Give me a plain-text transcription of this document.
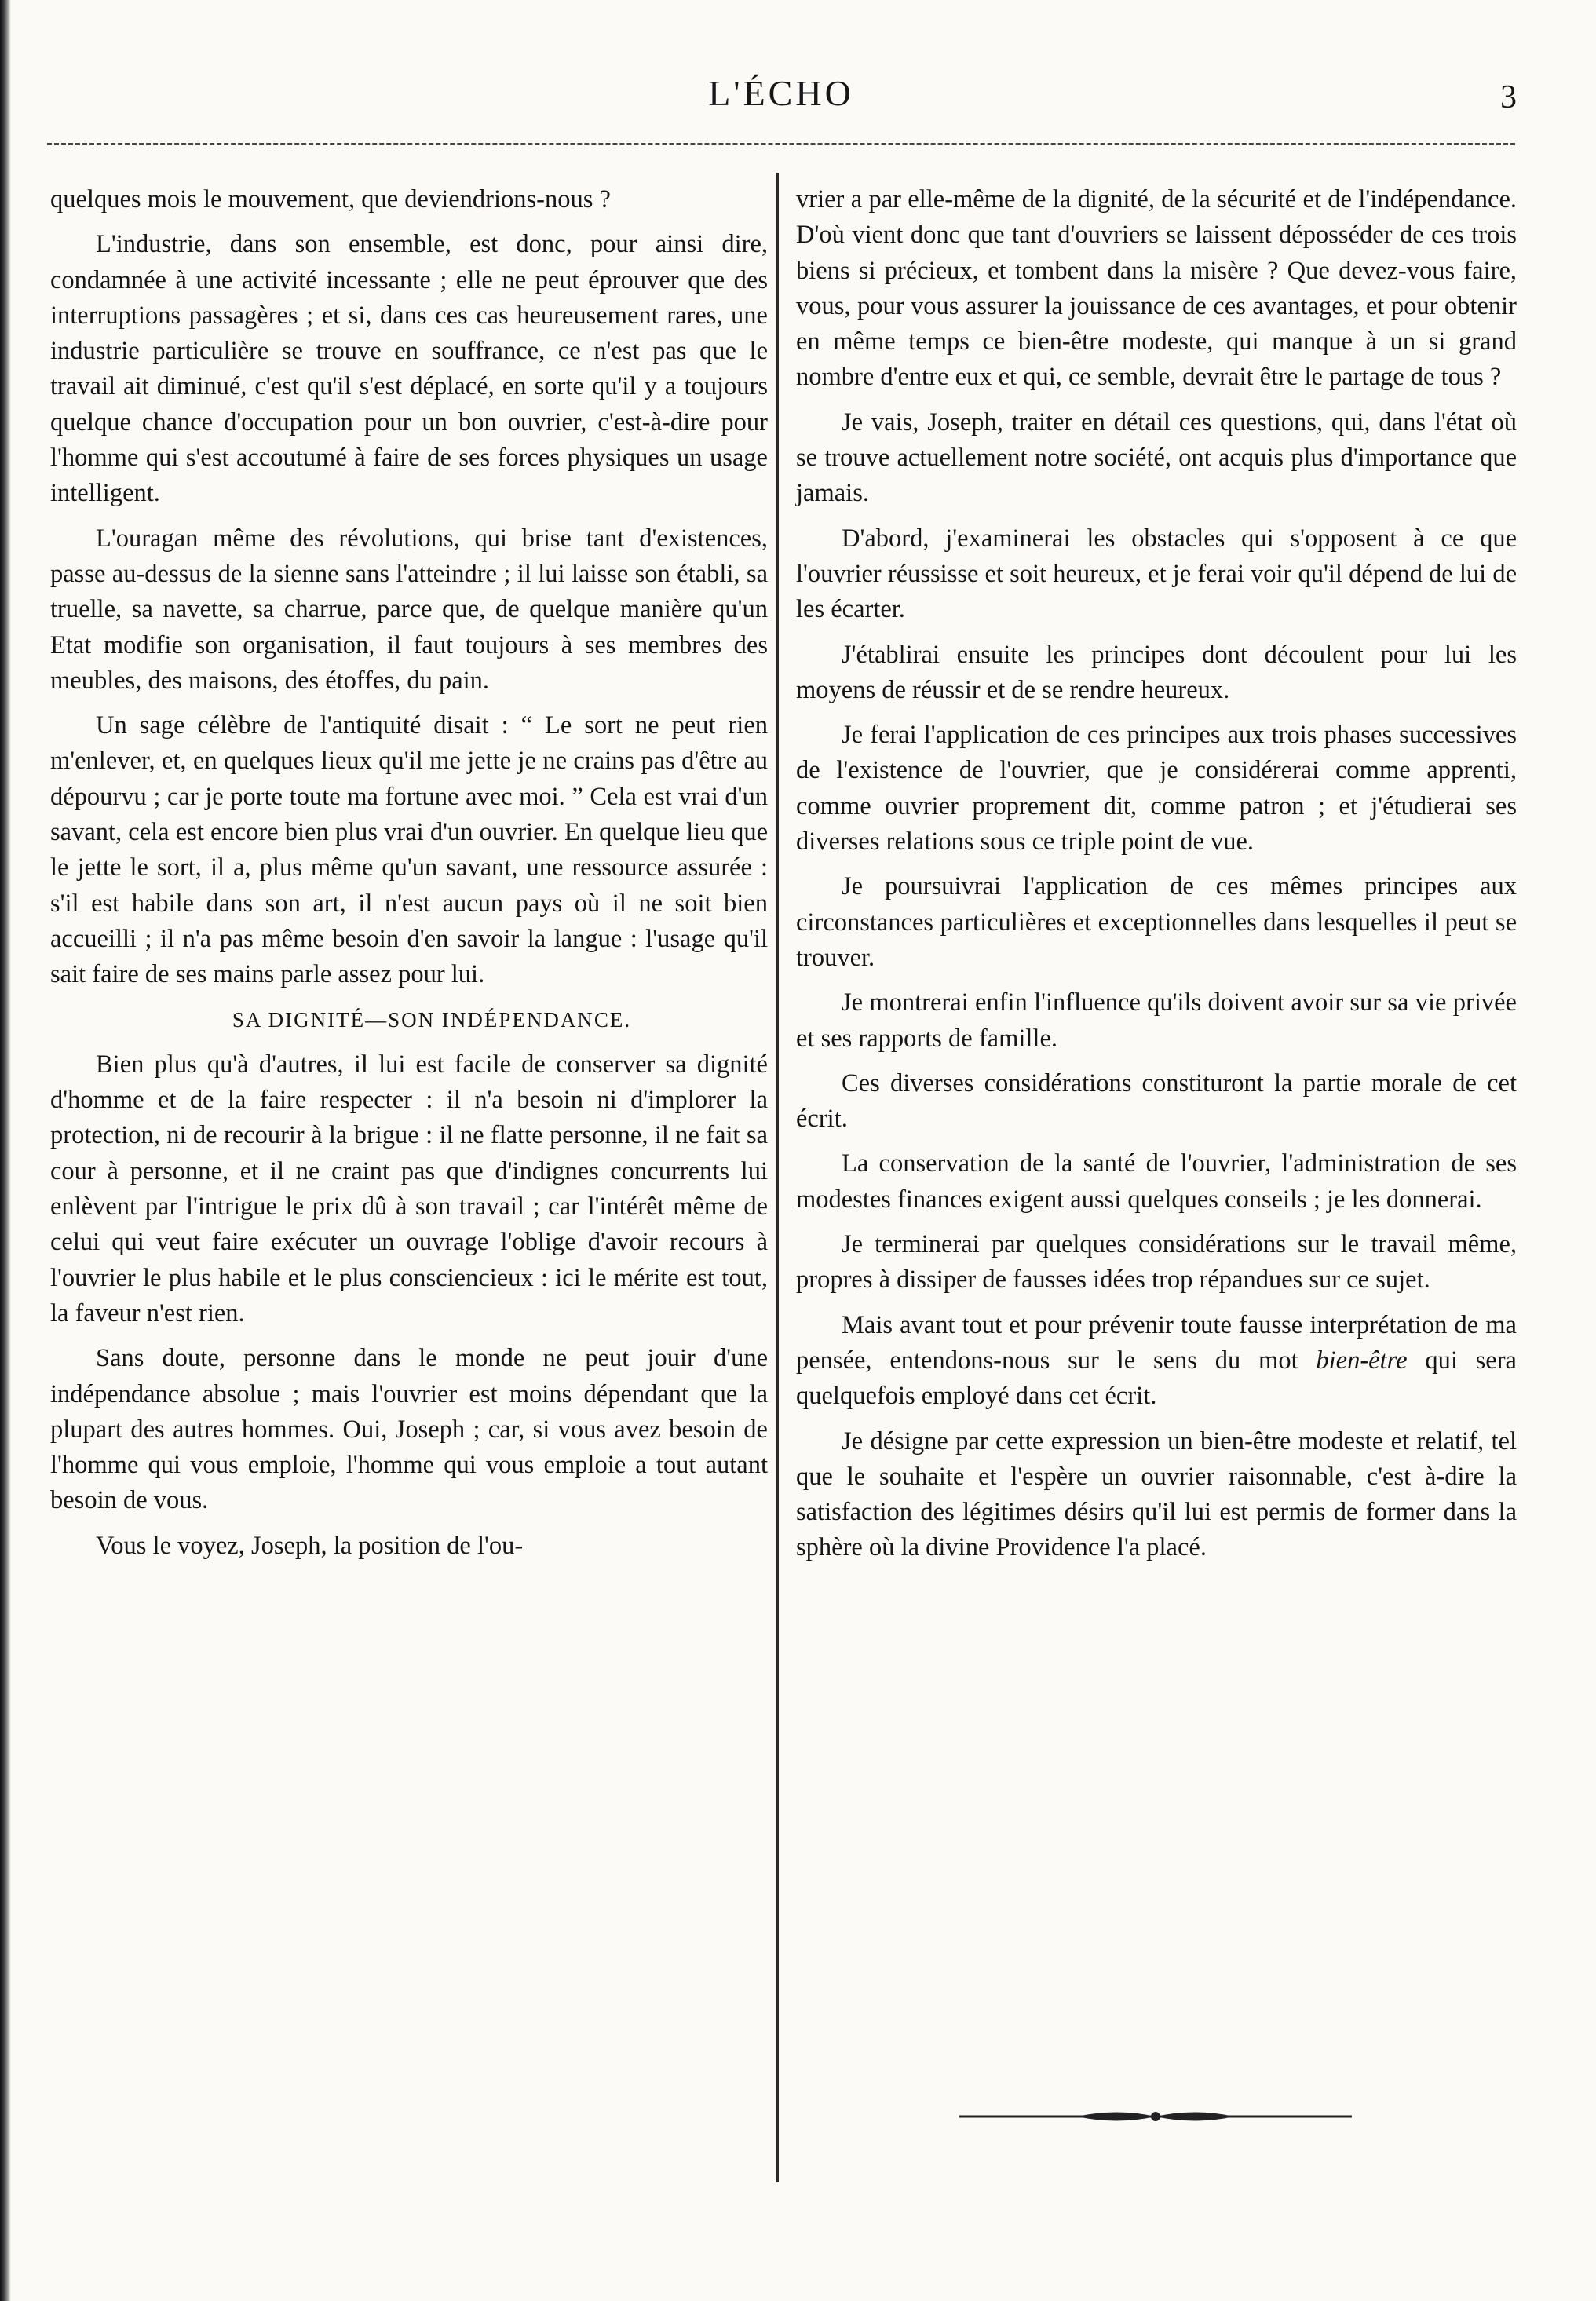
L'ÉCHO	3

quelques mois le mouvement, que deviendrions-nous ?

L'industrie, dans son ensemble, est donc, pour ainsi dire, condamnée à une activité incessante ; elle ne peut éprouver que des interruptions passagères ; et si, dans ces cas heureusement rares, une industrie particulière se trouve en souffrance, ce n'est pas que le travail ait diminué, c'est qu'il s'est déplacé, en sorte qu'il y a toujours quelque chance d'occupation pour un bon ouvrier, c'est-à-dire pour l'homme qui s'est accoutumé à faire de ses forces physiques un usage intelligent.

L'ouragan même des révolutions, qui brise tant d'existences, passe au-dessus de la sienne sans l'atteindre ; il lui laisse son établi, sa truelle, sa navette, sa charrue, parce que, de quelque manière qu'un Etat modifie son organisation, il faut toujours à ses membres des meubles, des maisons, des étoffes, du pain.

Un sage célèbre de l'antiquité disait : “ Le sort ne peut rien m'enlever, et, en quelques lieux qu'il me jette je ne crains pas d'être au dépourvu ; car je porte toute ma fortune avec moi. ” Cela est vrai d'un savant, cela est encore bien plus vrai d'un ouvrier. En quelque lieu que le jette le sort, il a, plus même qu'un savant, une ressource assurée : s'il est habile dans son art, il n'est aucun pays où il ne soit bien accueilli ; il n'a pas même besoin d'en savoir la langue : l'usage qu'il sait faire de ses mains parle assez pour lui.

SA DIGNITÉ—SON INDÉPENDANCE.

Bien plus qu'à d'autres, il lui est facile de conserver sa dignité d'homme et de la faire respecter : il n'a besoin ni d'implorer la protection, ni de recourir à la brigue : il ne flatte personne, il ne fait sa cour à personne, et il ne craint pas que d'indignes concurrents lui enlèvent par l'intrigue le prix dû à son travail ; car l'intérêt même de celui qui veut faire exécuter un ouvrage l'oblige d'avoir recours à l'ouvrier le plus habile et le plus consciencieux : ici le mérite est tout, la faveur n'est rien.

Sans doute, personne dans le monde ne peut jouir d'une indépendance absolue ; mais l'ouvrier est moins dépendant que la plupart des autres hommes. Oui, Joseph ; car, si vous avez besoin de l'homme qui vous emploie, l'homme qui vous emploie a tout autant besoin de vous.

Vous le voyez, Joseph, la position de l'ou-

vrier a par elle-même de la dignité, de la sécurité et de l'indépendance. D'où vient donc que tant d'ouvriers se laissent déposséder de ces trois biens si précieux, et tombent dans la misère ? Que devez-vous faire, vous, pour vous assurer la jouissance de ces avantages, et pour obtenir en même temps ce bien-être modeste, qui manque à un si grand nombre d'entre eux et qui, ce semble, devrait être le partage de tous ?

Je vais, Joseph, traiter en détail ces questions, qui, dans l'état où se trouve actuellement notre société, ont acquis plus d'importance que jamais.

D'abord, j'examinerai les obstacles qui s'opposent à ce que l'ouvrier réussisse et soit heureux, et je ferai voir qu'il dépend de lui de les écarter.

J'établirai ensuite les principes dont découlent pour lui les moyens de réussir et de se rendre heureux.

Je ferai l'application de ces principes aux trois phases successives de l'existence de l'ouvrier, que je considérerai comme apprenti, comme ouvrier proprement dit, comme patron ; et j'étudierai ses diverses relations sous ce triple point de vue.

Je poursuivrai l'application de ces mêmes principes aux circonstances particulières et exceptionnelles dans lesquelles il peut se trouver.

Je montrerai enfin l'influence qu'ils doivent avoir sur sa vie privée et ses rapports de famille.

Ces diverses considérations constituront la partie morale de cet écrit.

La conservation de la santé de l'ouvrier, l'administration de ses modestes finances exigent aussi quelques conseils ; je les donnerai.

Je terminerai par quelques considérations sur le travail même, propres à dissiper de fausses idées trop répandues sur ce sujet.

Mais avant tout et pour prévenir toute fausse interprétation de ma pensée, entendons-nous sur le sens du mot bien-être qui sera quelquefois employé dans cet écrit.

Je désigne par cette expression un bien-être modeste et relatif, tel que le souhaite et l'espère un ouvrier raisonnable, c'est à-dire la satisfaction des légitimes désirs qu'il lui est permis de former dans la sphère où la divine Providence l'a placé.
